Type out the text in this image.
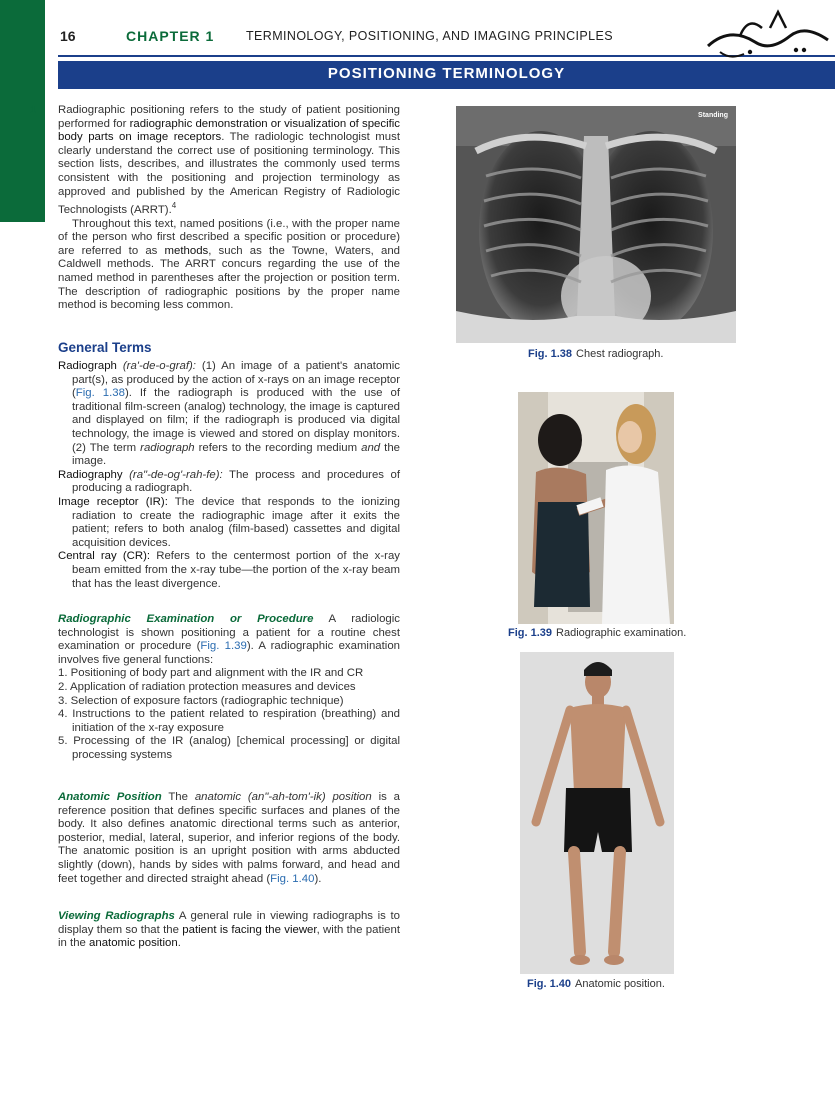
1
16	CHAPTER 1	TERMINOLOGY, POSITIONING, AND IMAGING PRINCIPLES
POSITIONING TERMINOLOGY

Radiographic positioning refers to the study of patient positioning performed for radiographic demonstration or visualization of specific body parts on image receptors. The radiologic technologist must clearly understand the correct use of positioning terminology. This section lists, describes, and illustrates the commonly used terms consistent with the positioning and projection terminology as approved and published by the American Registry of Radiologic Technologists (ARRT).$^4$

Throughout this text, named positions (i.e., with the proper name of the person who first described a specific position or procedure) are referred to as methods, such as the Towne, Waters, and Caldwell methods. The ARRT concurs regarding the use of the named method in parentheses after the projection or position term. The description of radiographic positions by the proper name method is becoming less common.

General Terms

Radiograph (ra'-de-o-graf): (1) An image of a patient's anatomic part(s), as produced by the action of x-rays on an image receptor (Fig. 1.38). If the radiograph is produced with the use of traditional film-screen (analog) technology, the image is captured and displayed on film; if the radiograph is produced via digital technology, the image is viewed and stored on display monitors. (2) The term radiograph refers to the recording medium and the image.

Radiography (ra"-de-og'-rah-fe): The process and procedures of producing a radiograph.

Image receptor (IR): The device that responds to the ionizing radiation to create the radiographic image after it exits the patient; refers to both analog (film-based) cassettes and digital acquisition devices.

Central ray (CR): Refers to the centermost portion of the x-ray beam emitted from the x-ray tube—the portion of the x-ray beam that has the least divergence.

Radiographic Examination or Procedure A radiologic technologist is shown positioning a patient for a routine chest examination or procedure (Fig. 1.39). A radiographic examination involves five general functions:

1. Positioning of body part and alignment with the IR and CR
2. Application of radiation protection measures and devices
3. Selection of exposure factors (radiographic technique)
4. Instructions to the patient related to respiration (breathing) and initiation of the x-ray exposure
5. Processing of the IR (analog) [chemical processing] or digital processing systems

Anatomic Position The anatomic (an"-ah-tom'-ik) position is a reference position that defines specific surfaces and planes of the body. It also defines anatomic directional terms such as anterior, posterior, medial, lateral, superior, and inferior regions of the body. The anatomic position is an upright position with arms abducted slightly (down), hands by sides with palms forward, and head and feet together and directed straight ahead (Fig. 1.40).

Viewing Radiographs A general rule in viewing radiographs is to display them so that the patient is facing the viewer, with the patient in the anatomic position.

Standing
Fig. 1.38 Chest radiograph.
Fig. 1.39 Radiographic examination.
Fig. 1.40 Anatomic position.
